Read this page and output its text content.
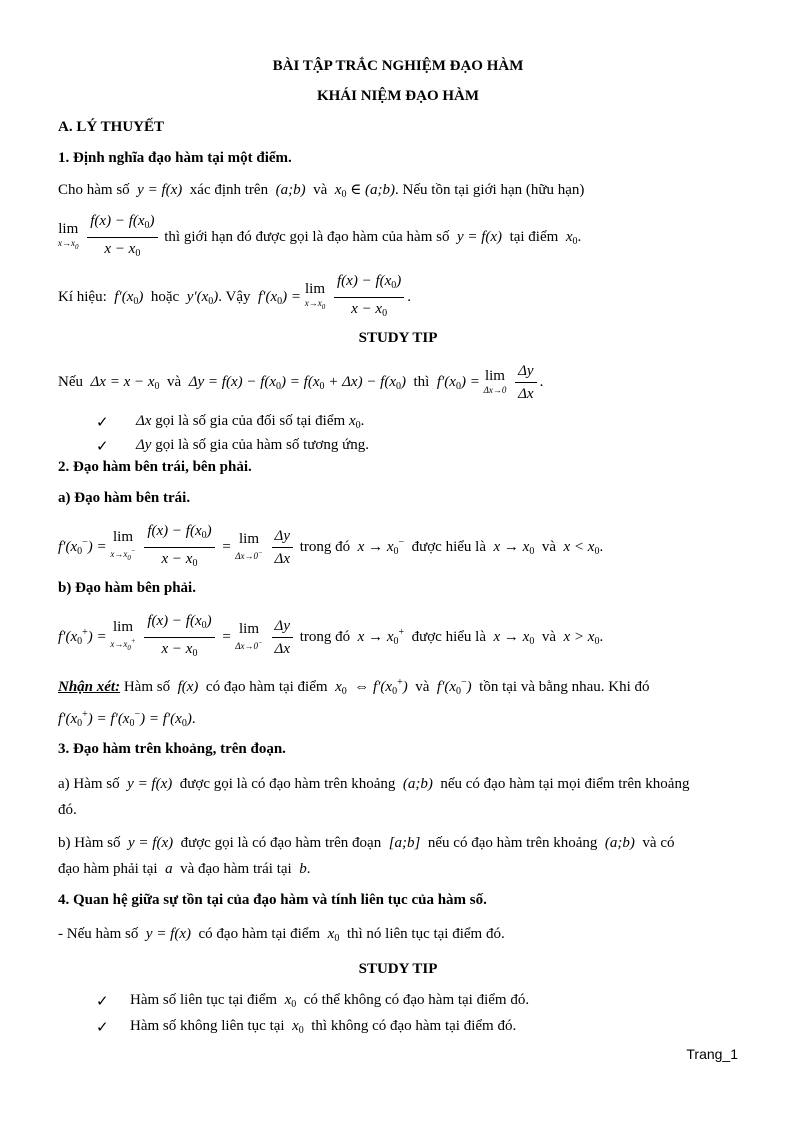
BÀI TẬP TRẮC NGHIỆM ĐẠO HÀM
KHÁI NIỆM ĐẠO HÀM
A. LÝ THUYẾT
1. Định nghĩa đạo hàm tại một điểm.
Cho hàm số  y = f(x)  xác định trên  (a;b)  và  $x_0$ ∈ (a;b). Nếu tồn tại giới hạn (hữu hạn)
lim
$x\to x_0$
$\frac{f(x) - f(x_0)}{x - x_0}$ thì giới hạn đó được gọi là đạo hàm của hàm số  y = f(x)  tại điểm  $x_0$.
Kí hiệu:  $f'(x_0)$  hoặc  $y'(x_0)$. Vậy  $f'(x_0)$ =
lim
$x\to x_0$
$\frac{f(x) - f(x_0)}{x - x_0}$ .
STUDY TIP
Nếu  $\Delta x = x - x_0$ và  $\Delta y = f(x) - f(x_0) = f(x_0 + \Delta x) - f(x_0)$  thì  $f'(x_0) = \lim$
Δx→0
$\frac{\Delta y}{\Delta x}$ .
✓ Δx gọi là số gia của đối số tại điểm $x_0$.
✓ Δy gọi là số gia của hàm số tương ứng.
2. Đạo hàm bên trái, bên phải.
a) Đạo hàm bên trái.
$f'(x_0^-)$ =
lim
$x\to x_0^-$
$\frac{f(x) - f(x_0)}{x - x_0} = \lim$
Δx→0−
$\frac{\Delta y}{\Delta x}$ trong đó  $x \to x_0^-$ được hiểu là  $x \to x_0$ và  $x < x_0$.
b) Đạo hàm bên phải.
$f'(x_0^+)$ =
lim
$x\to x_0^+$
$\frac{f(x) - f(x_0)}{x - x_0} = \lim$
Δx→0−
$\frac{\Delta y}{\Delta x}$ trong đó  $x \to x_0^+$ được hiểu là  $x \to x_0$ và  $x > x_0$.
Nhận xét: Hàm số  f(x)  có đạo hàm tại điểm  $x_0$  ⇔ $f'(x_0^+)$  và  $f'(x_0^-)$  tồn tại và bằng nhau. Khi đó
$f'(x_0^+) = f'(x_0^-) = f'(x_0)$.
3. Đạo hàm trên khoảng, trên đoạn.
a) Hàm số  y = f(x)  được gọi là có đạo hàm trên khoảng  (a;b)  nếu có đạo hàm tại mọi điểm trên khoảng
đó.
b) Hàm số  y = f(x)  được gọi là có đạo hàm trên đoạn  [a;b]  nếu có đạo hàm trên khoảng  (a;b)  và có
đạo hàm phải tại  a  và đạo hàm trái tại  b.
4. Quan hệ giữa sự tồn tại của đạo hàm và tính liên tục của hàm số.
- Nếu hàm số  y = f(x)  có đạo hàm tại điểm  $x_0$ thì nó liên tục tại điểm đó.
STUDY TIP
✓ Hàm số liên tục tại điểm  $x_0$ có thể không có đạo hàm tại điểm đó.
✓ Hàm số không liên tục tại  $x_0$ thì không có đạo hàm tại điểm đó.
Trang_1
